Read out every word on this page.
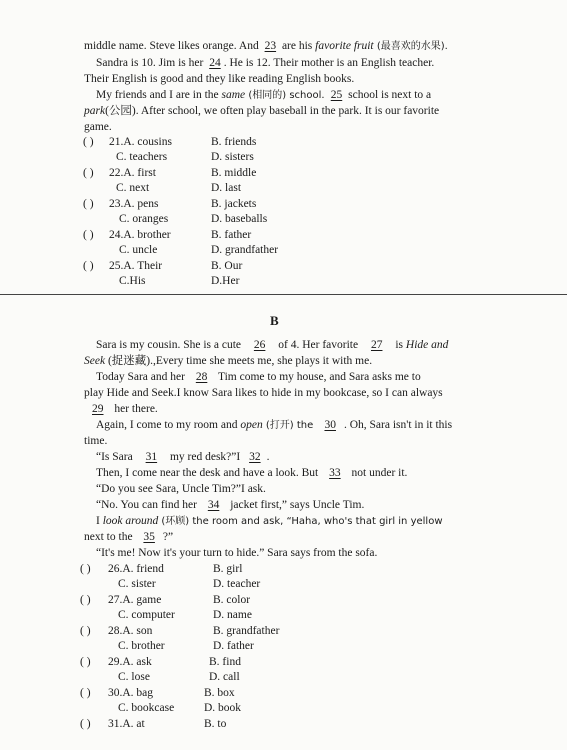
middle name. Steve likes orange. And 23 are his favorite fruit (最喜欢的水果).
Sandra is 10. Jim is her 24 . He is 12. Their mother is an English teacher.
Their English is good and they like reading English books.
My friends and I are in the same (相同的) school. 25 school is next to a
park(公园). After school, we often play baseball in the park. It is our favorite
game.
( ) 21.A. cousins	B. friends
C. teachers	D. sisters
( ) 22.A. first	B. middle
C. next	D. last
( ) 23.A. pens	B. jackets
C. oranges	D. baseballs
( ) 24.A. brother	B. father
C. uncle	D. grandfather
( ) 25.A. Their	B. Our
C.His	D.Her
B
Sara is my cousin. She is a cute 26 of 4. Her favorite 27 is Hide and
Seek (捉迷藏).,Every time she meets me, she plays it with me.
Today Sara and her 28 Tim come to my house, and Sara asks me to
play Hide and Seek.I know Sara likes to hide in my bookcase, so I can always
29 her there.
Again, I come to my room and open (打开) the 30 . Oh, Sara isn't in it this
time.
“Is Sara 31 my red desk?”I 32 .
Then, I come near the desk and have a look. But 33 not under it.
“Do you see Sara, Uncle Tim?”I ask.
“No. You can find her 34 jacket first,” says Uncle Tim.
I look around (环顾) the room and ask, “Haha, who's that girl in yellow
next to the 35 ?”
“It's me! Now it's your turn to hide.” Sara says from the sofa.
( ) 26.A. friend	B. girl
C. sister	D. teacher
( ) 27.A. game	B. color
C. computer	D. name
( ) 28.A. son	B. grandfather
C. brother	D. father
( ) 29.A. ask	B. find
C. lose	D. call
( ) 30.A. bag	B. box
C. bookcase	D. book
( ) 31.A. at	B. to
